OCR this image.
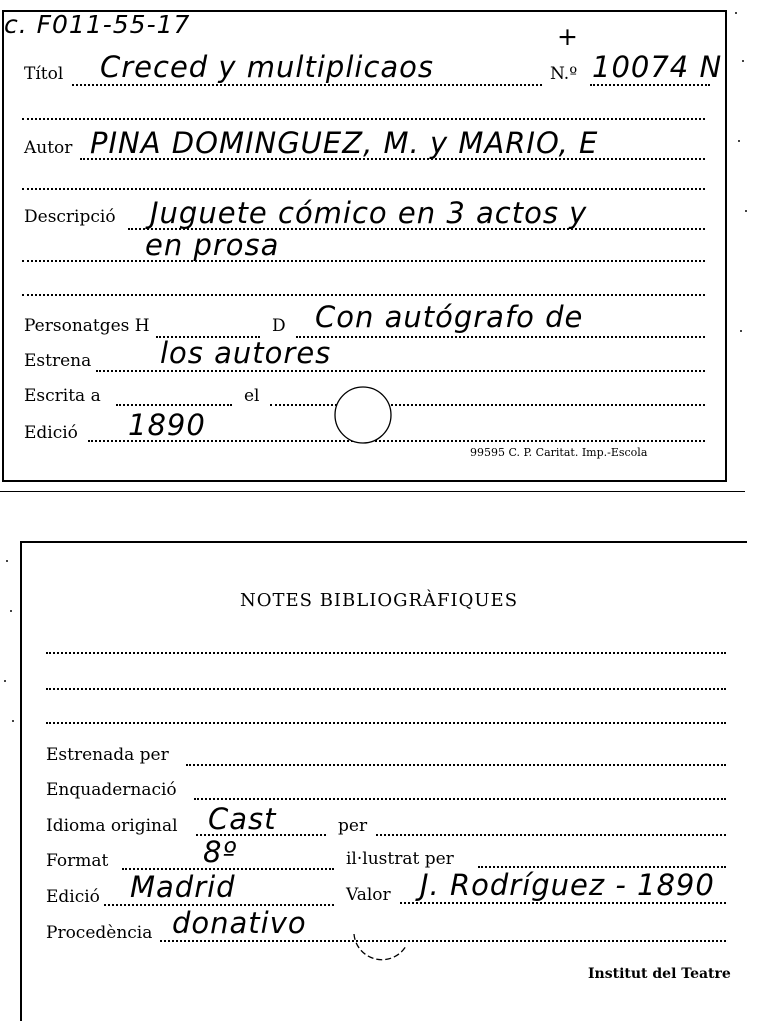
c. F011-55-17	+
Títol Creced y multiplicaos	N.º 10074 N
Autor PINA DOMINGUEZ, M. y MARIO, E
Descripció Juguete cómico en 3 actos y
en prosa
Personatges H	D Con autógrafo de
Estrena los autores
Escrita a	el
Edició 1890
99595 C. P. Caritat. Imp.-Escola
NOTES BIBLIOGRÀFIQUES
Estrenada per
Enquadernació
Idioma original Cast	per
Format	8º	il·lustrat per
Edició Madrid	Valor J. Rodríguez - 1890
Procedència donativo
Institut del Teatre
